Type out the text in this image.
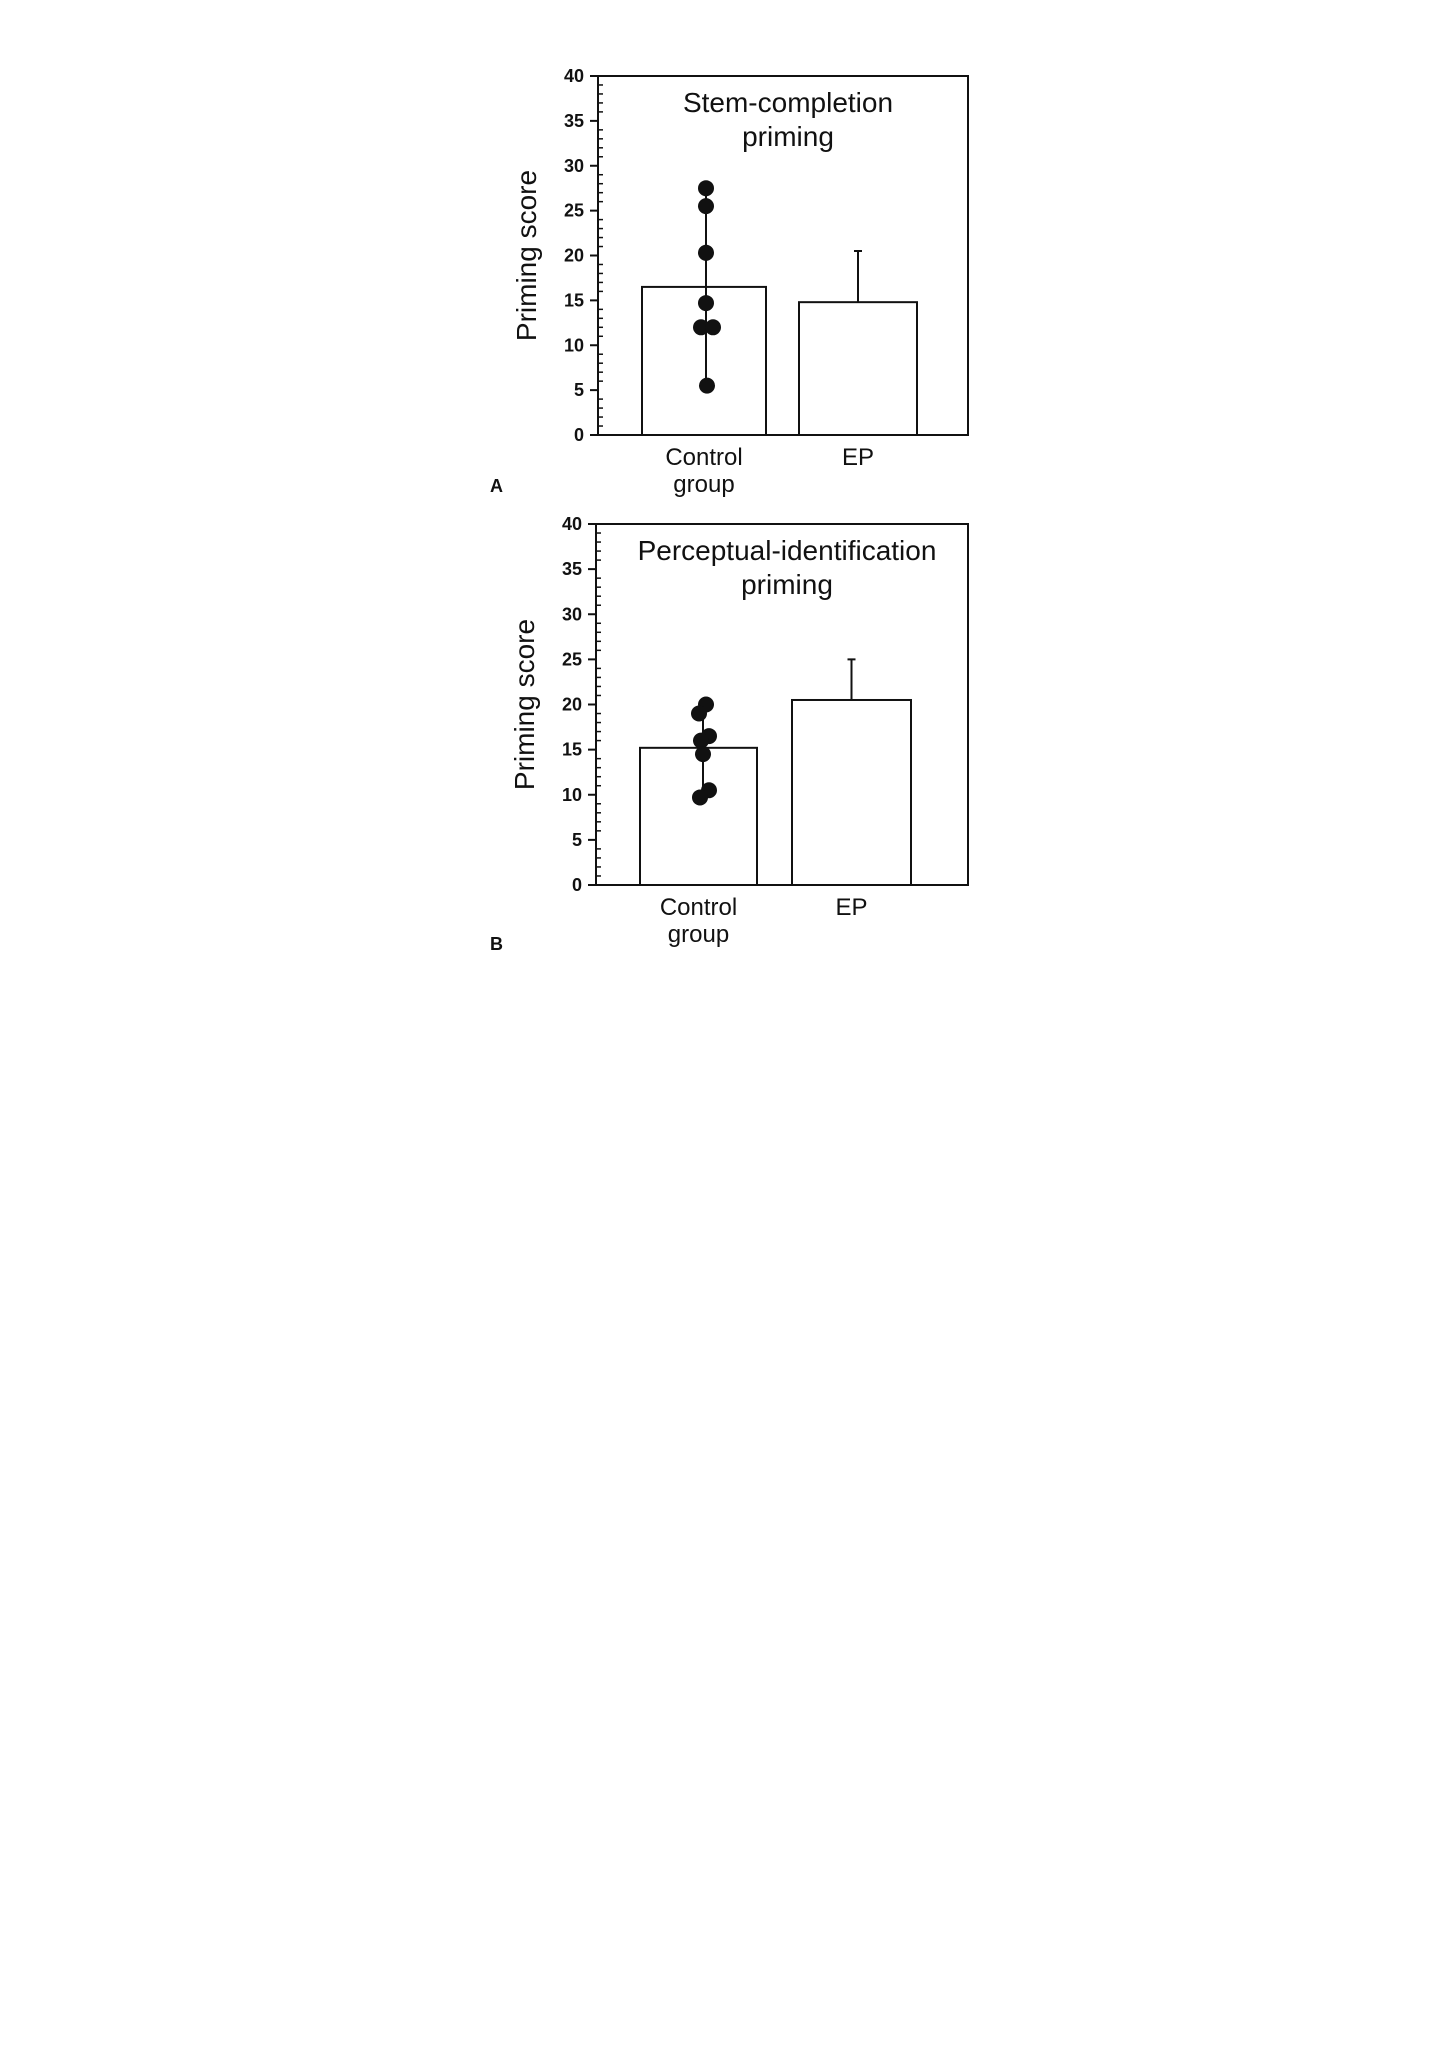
0
5
10
15
20
25
30
35
40
Stem-completion
priming
Priming score
Control
group
EP
A
0
5
10
15
20
25
30
35
40
Perceptual-identification
priming
Priming score
Control
group
EP
B
